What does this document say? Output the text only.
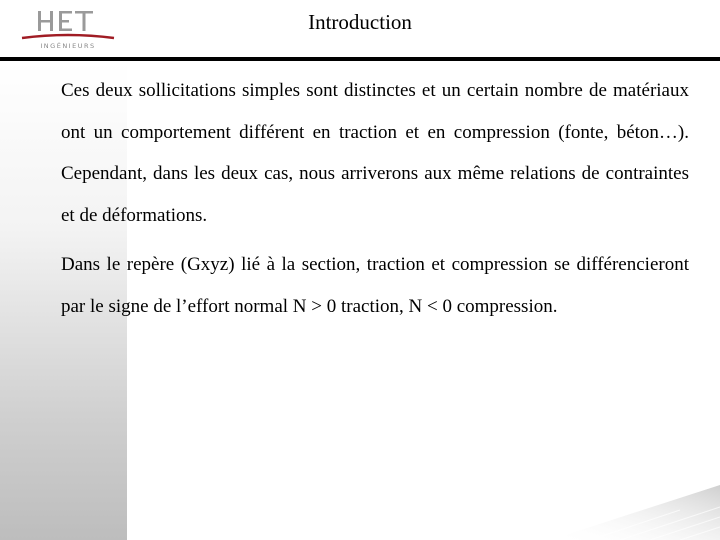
INGÉNIEURS
Introduction

Ces deux sollicitations simples sont distinctes et un certain nombre de matériaux ont un comportement différent en traction et en compression (fonte, béton…). Cependant, dans les deux cas, nous arriverons aux même relations de contraintes et de déformations.

Dans le repère (Gxyz) lié à la section, traction et compression se différencieront par le signe de l’effort normal N > 0 traction, N < 0 compression.
